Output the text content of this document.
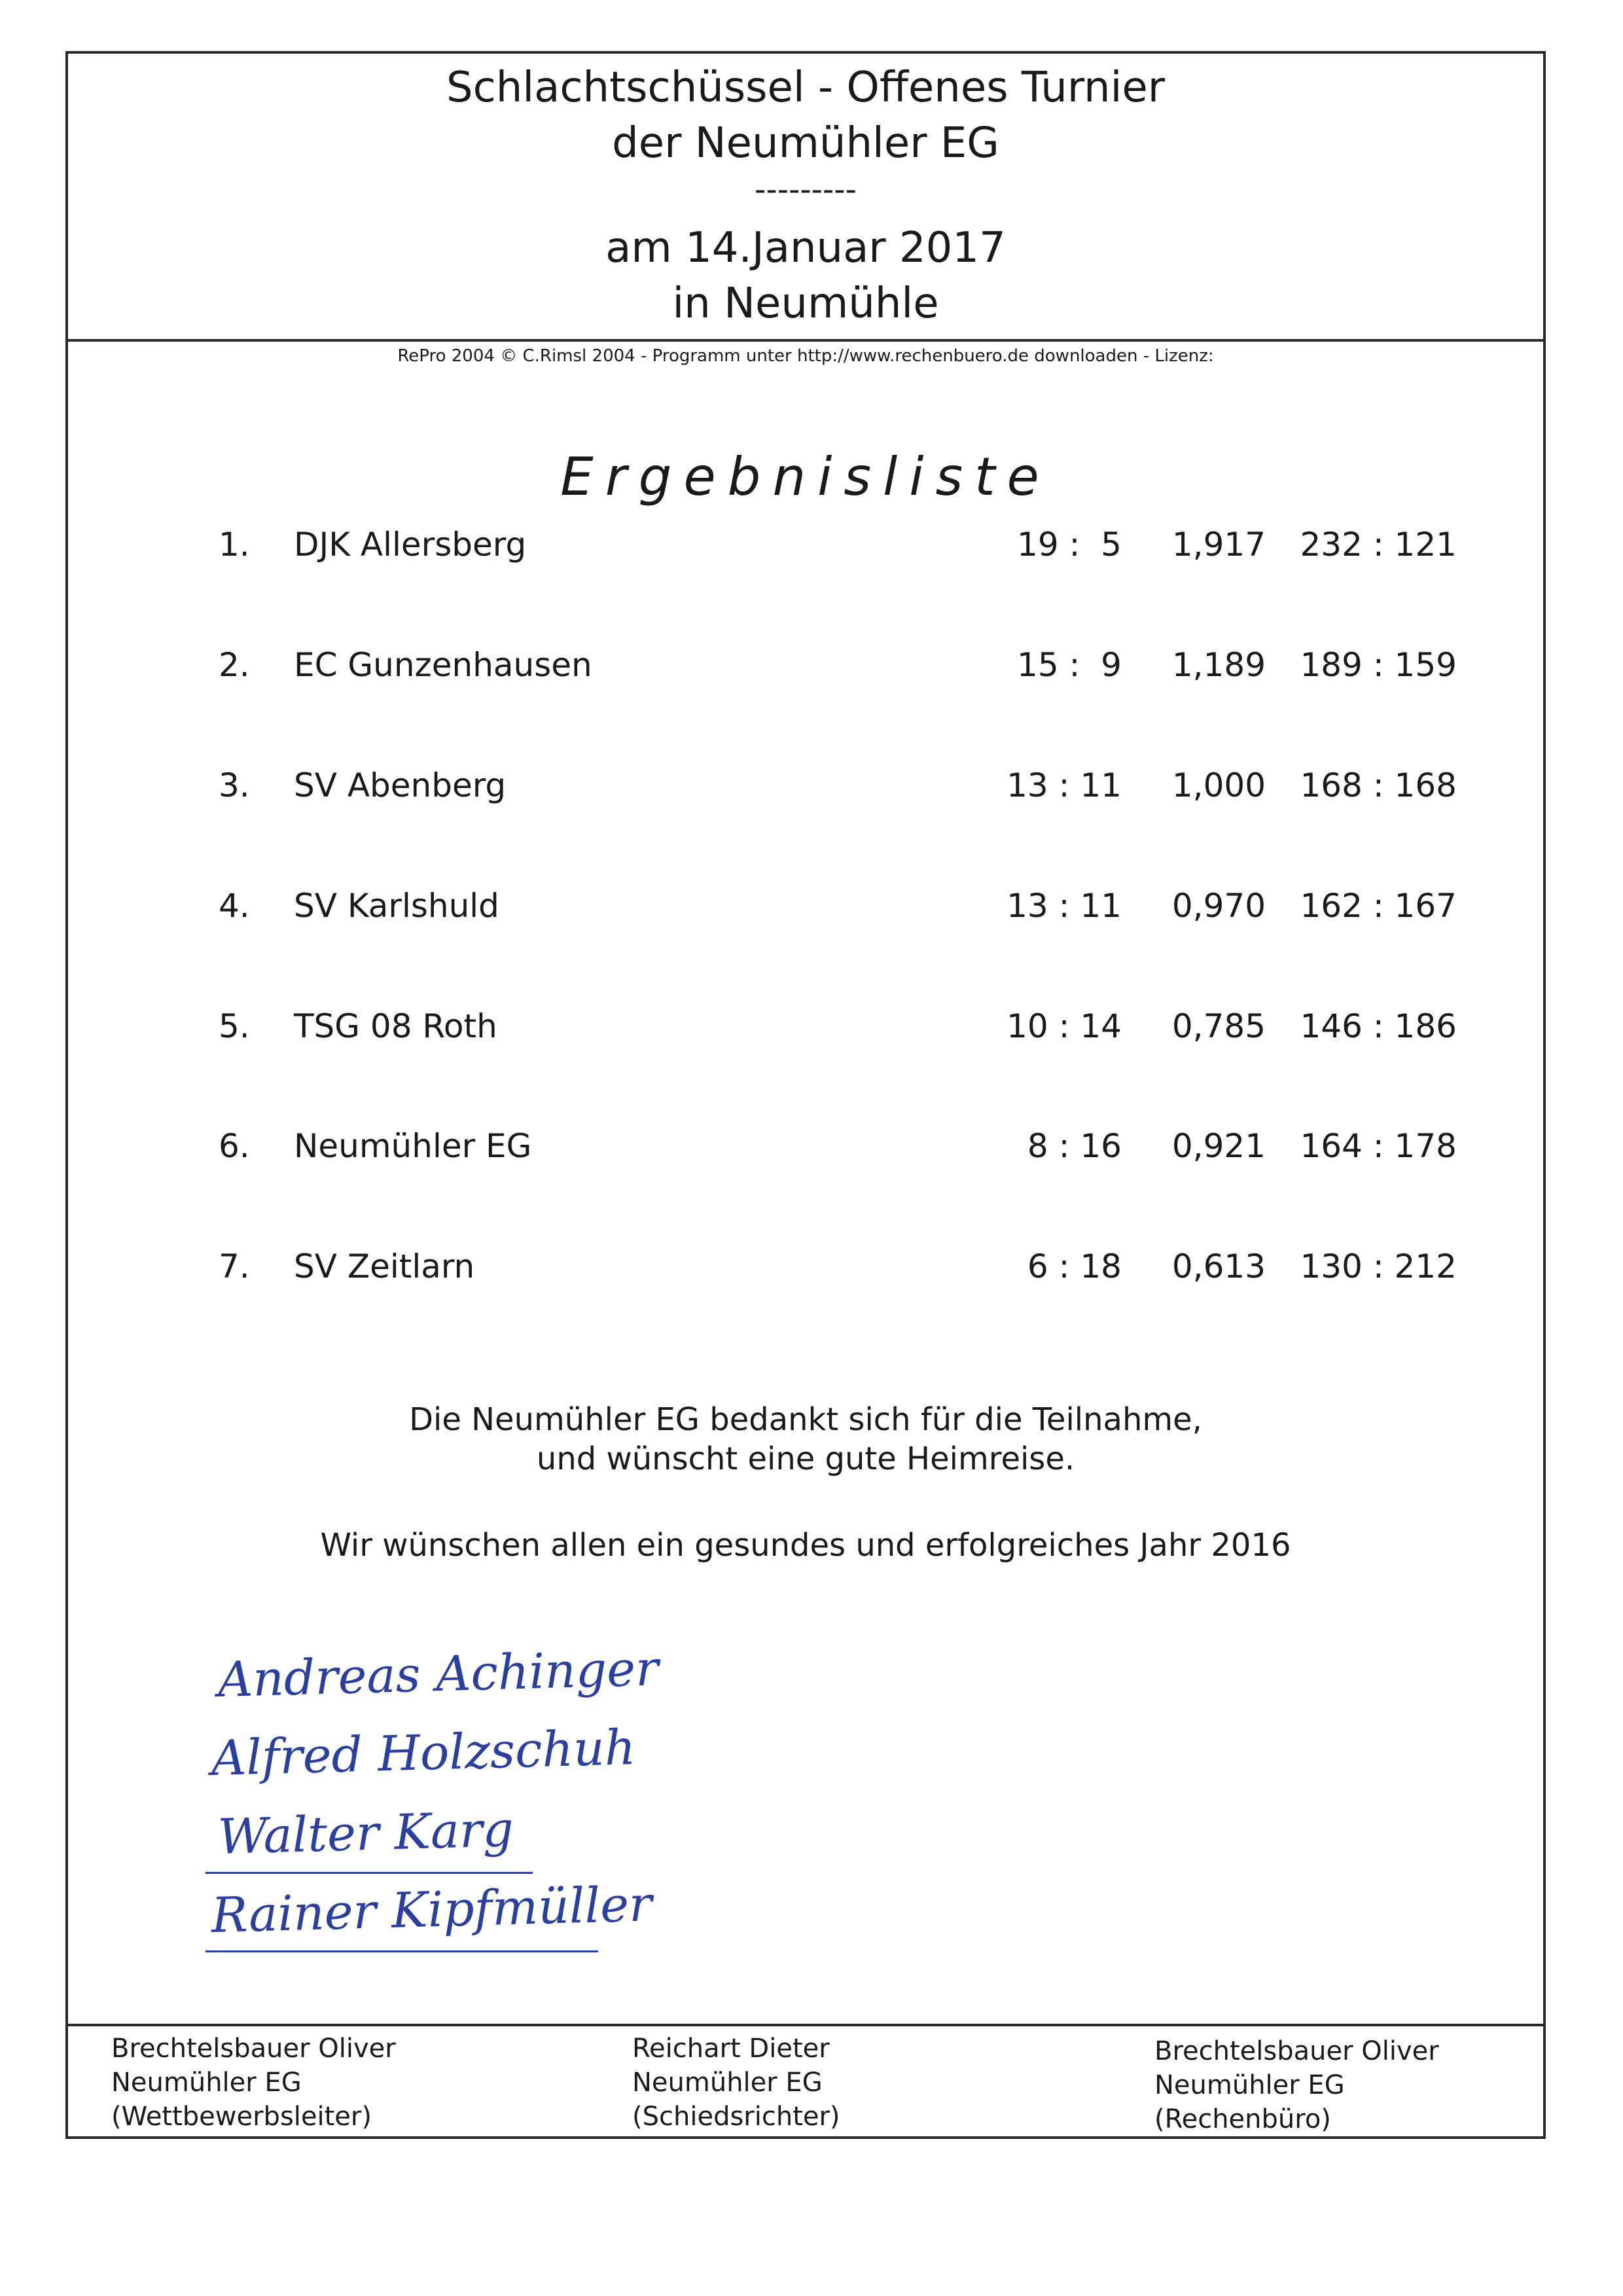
Schlachtschüssel - Offenes Turnier
der Neumühler EG
---------
am 14.Januar 2017
in Neumühle
RePro 2004 © C.Rimsl 2004 - Programm unter http://www.rechenbuero.de downloaden - Lizenz:
Ergebnisliste
1. DJK Allersberg	19 :  5	1,917	232 : 121
2. EC Gunzenhausen	15 :  9	1,189	189 : 159
3. SV Abenberg	13 : 11	1,000	168 : 168
4. SV Karlshuld	13 : 11	0,970	162 : 167
5. TSG 08 Roth	10 : 14	0,785	146 : 186
6. Neumühler EG	8 : 16	0,921	164 : 178
7. SV Zeitlarn	6 : 18	0,613	130 : 212
Die Neumühler EG bedankt sich für die Teilnahme,
und wünscht eine gute Heimreise.
Wir wünschen allen ein gesundes und erfolgreiches Jahr 2016
Andreas Achinger
Alfred Holzschuh
Walter Karg
Rainer Kipfmüller
Brechtelsbauer Oliver
Neumühler EG
(Wettbewerbsleiter)
Reichart Dieter
Neumühler EG
(Schiedsrichter)
Brechtelsbauer Oliver
Neumühler EG
(Rechenbüro)
